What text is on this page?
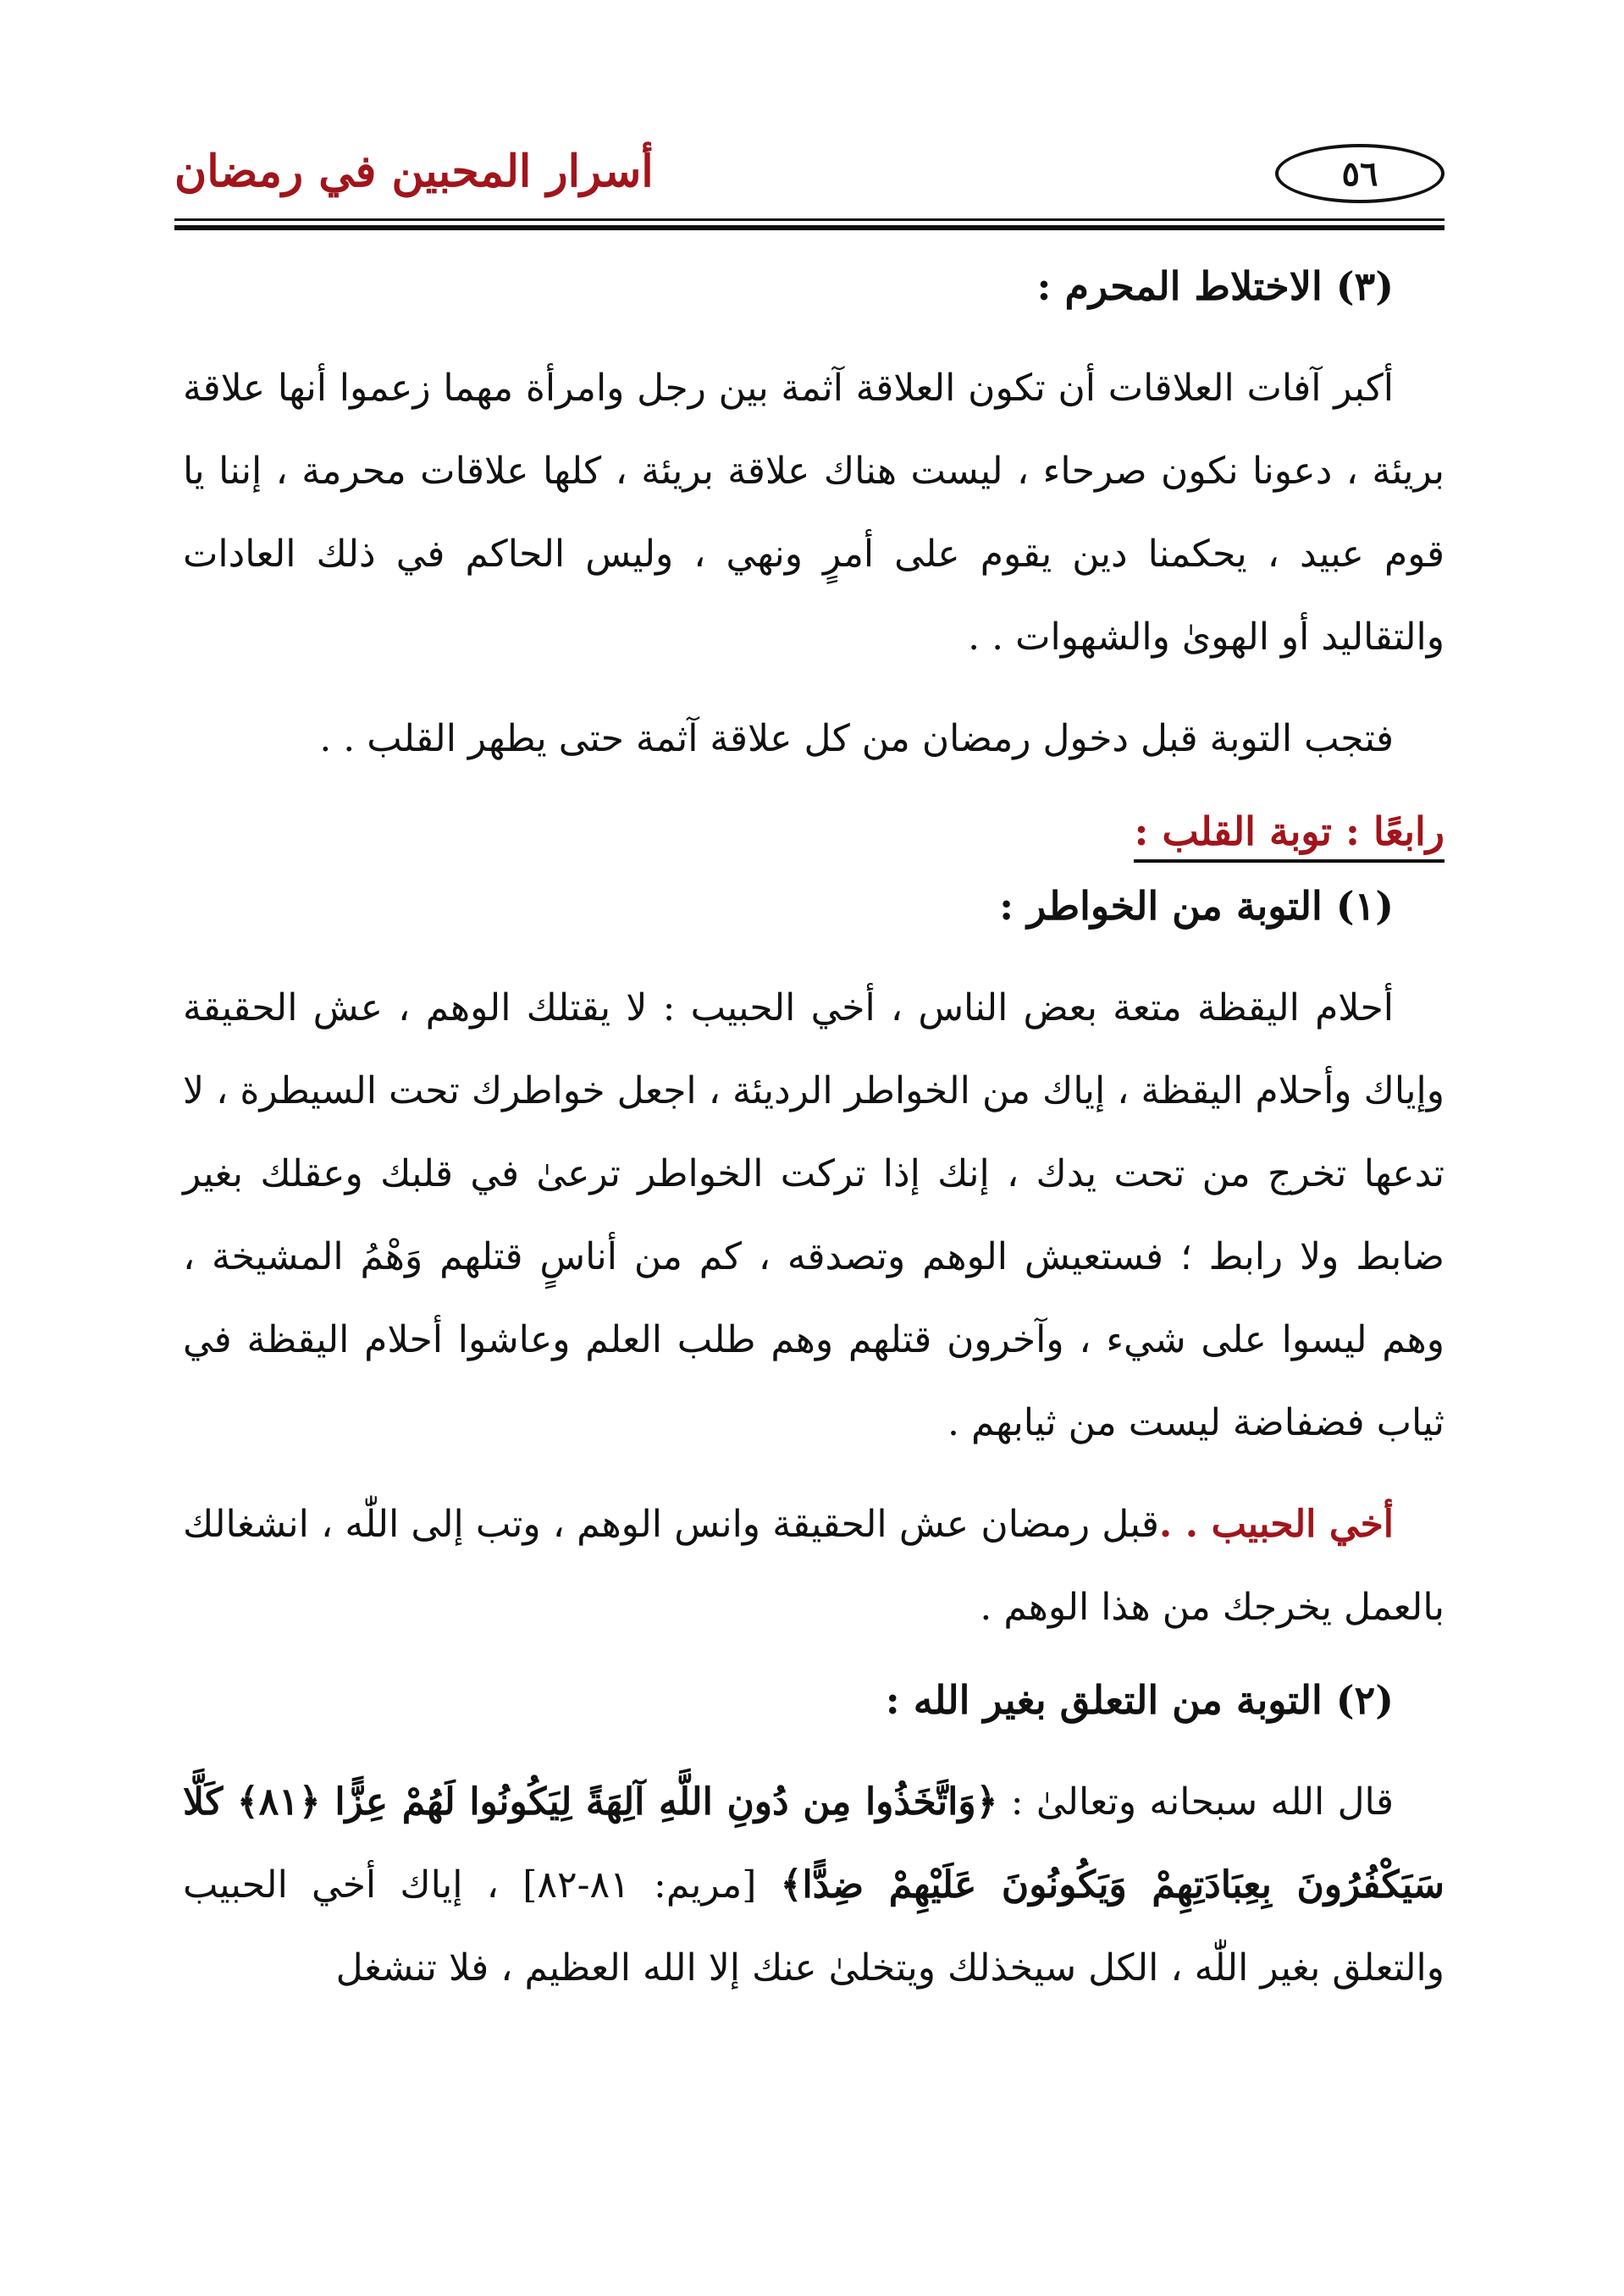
٥٦
أسرار المحبين في رمضان

(٣) الاختلاط المحرم :

أكبر آفات العلاقات أن تكون العلاقة آثمة بين رجل وامرأة مهما زعموا أنها علاقة بريئة ، دعونا نكون صرحاء ، ليست هناك علاقة بريئة ، كلها علاقات محرمة ، إننا يا قوم عبيد ، يحكمنا دين يقوم على أمرٍ ونهي ، وليس الحاكم في ذلك العادات والتقاليد أو الهوىٰ والشهوات . .

فتجب التوبة قبل دخول رمضان من كل علاقة آثمة حتى يطهر القلب . .

رابعًا : توبة القلب :

(١) التوبة من الخواطر :

أحلام اليقظة متعة بعض الناس ، أخي الحبيب : لا يقتلك الوهم ، عش الحقيقة وإياك وأحلام اليقظة ، إياك من الخواطر الرديئة ، اجعل خواطرك تحت السيطرة ، لا تدعها تخرج من تحت يدك ، إنك إذا تركت الخواطر ترعىٰ في قلبك وعقلك بغير ضابط ولا رابط ؛ فستعيش الوهم وتصدقه ، كم من أناسٍ قتلهم وَهْمُ المشيخة ، وهم ليسوا على شيء ، وآخرون قتلهم وهم طلب العلم وعاشوا أحلام اليقظة في ثياب فضفاضة ليست من ثيابهم .

أخي الحبيب . .قبل رمضان عش الحقيقة وانس الوهم ، وتب إلى اللّٰه ، انشغالك بالعمل يخرجك من هذا الوهم .

(٢) التوبة من التعلق بغير الله :

قال الله سبحانه وتعالىٰ : ﴿وَاتَّخَذُوا مِن دُونِ اللَّهِ آلِهَةً لِيَكُونُوا لَهُمْ عِزًّا ﴿٨١﴾ كَلَّا سَيَكْفُرُونَ بِعِبَادَتِهِمْ وَيَكُونُونَ عَلَيْهِمْ ضِدًّا﴾ [مريم: ٨١-٨٢] ، إياك أخي الحبيب والتعلق بغير اللّٰه ، الكل سيخذلك ويتخلىٰ عنك إلا الله العظيم ، فلا تنشغل
